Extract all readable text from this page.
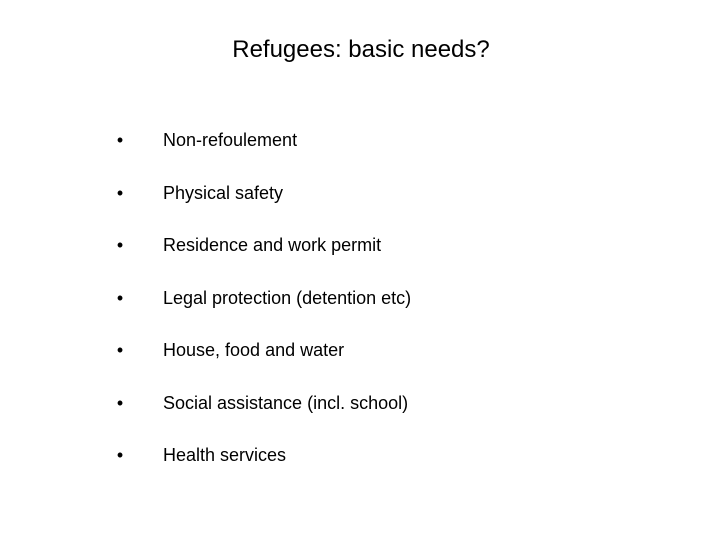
Refugees: basic needs?
• Non-refoulement
• Physical safety
• Residence and work permit
• Legal protection (detention etc)
• House, food and water
• Social assistance (incl. school)
• Health services
